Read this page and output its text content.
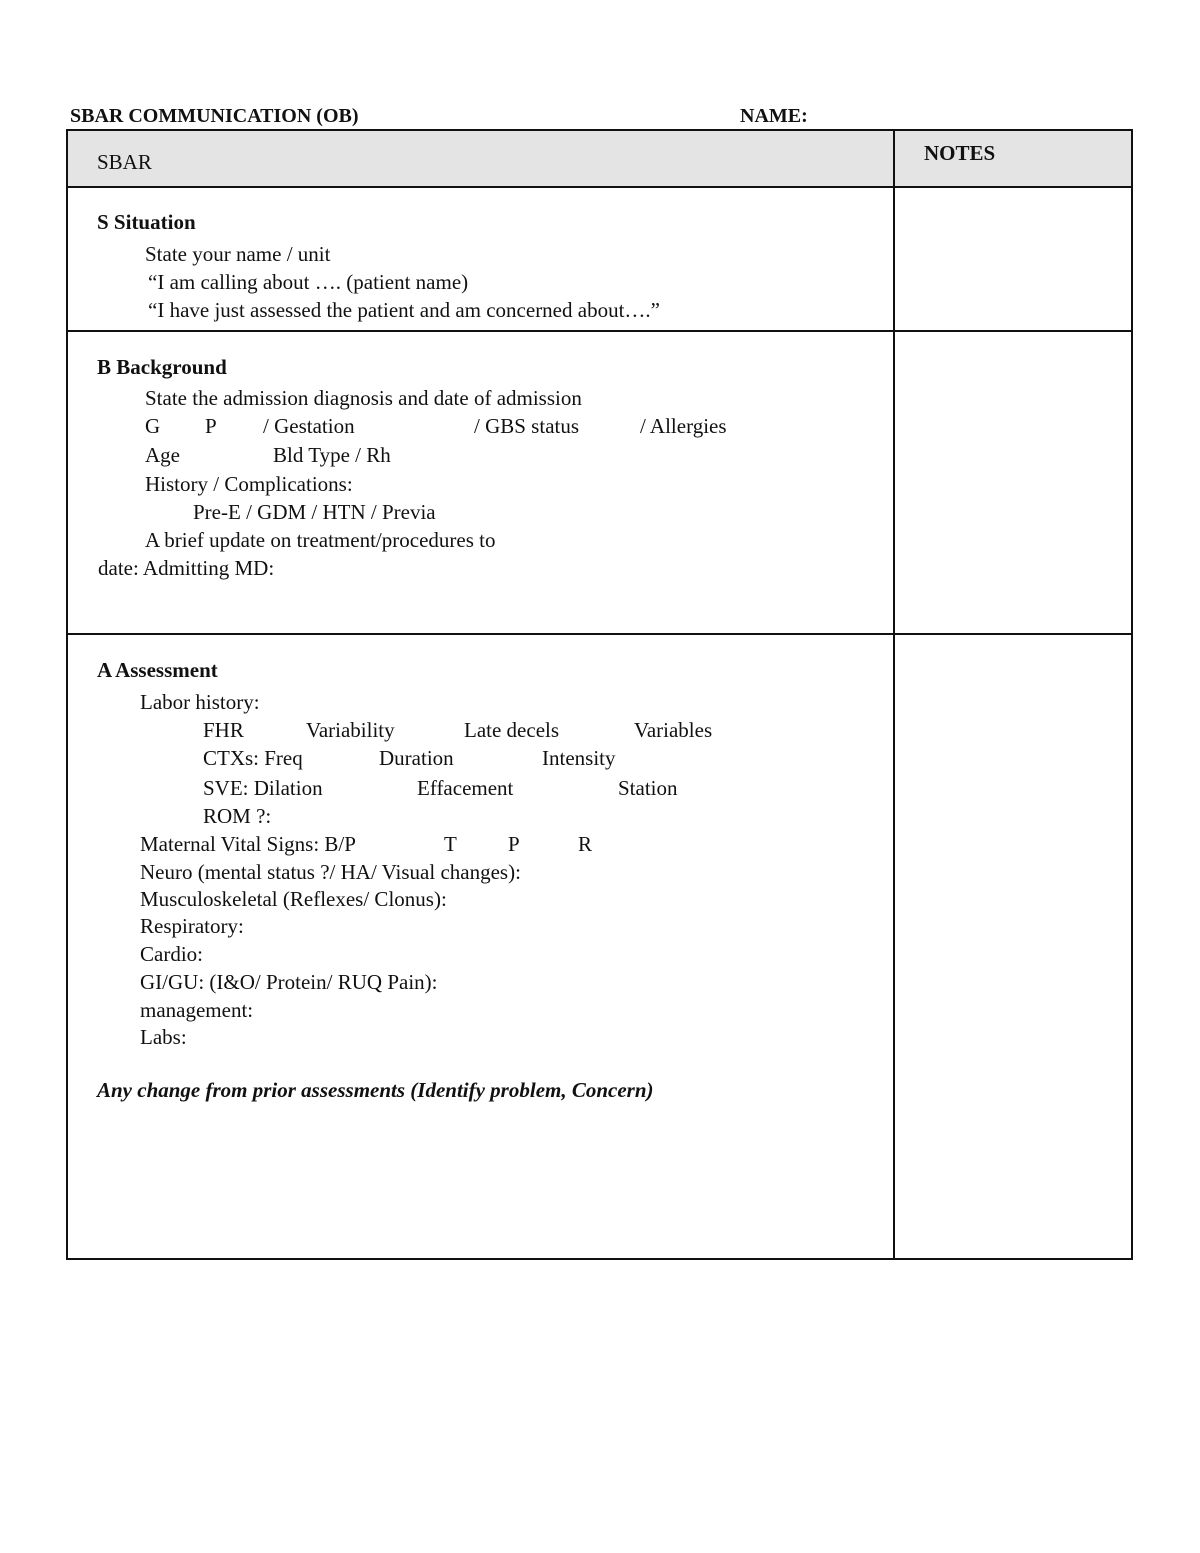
SBAR COMMUNICATION (OB)	NAME:
SBAR	NOTES
S Situation
State your name / unit
“I am calling about …. (patient name)
“I have just assessed the patient and am concerned about….”
B Background
State the admission diagnosis and date of admission
G P / Gestation	/ GBS status	/ Allergies
Age	Bld Type / Rh
History / Complications:
Pre-E / GDM / HTN / Previa
A brief update on treatment/procedures to
date: Admitting MD:
A Assessment
Labor history:
FHR	Variability	Late decels	Variables
CTXs: Freq	Duration	Intensity
SVE: Dilation	Effacement	Station
ROM ?:
Maternal Vital Signs: B/P	T P	R
Neuro (mental status ?/ HA/ Visual changes):
Musculoskeletal (Reflexes/ Clonus):
Respiratory:
Cardio:
GI/GU: (I&O/ Protein/ RUQ Pain):
management:
Labs:
Any change from prior assessments (Identify problem, Concern)
